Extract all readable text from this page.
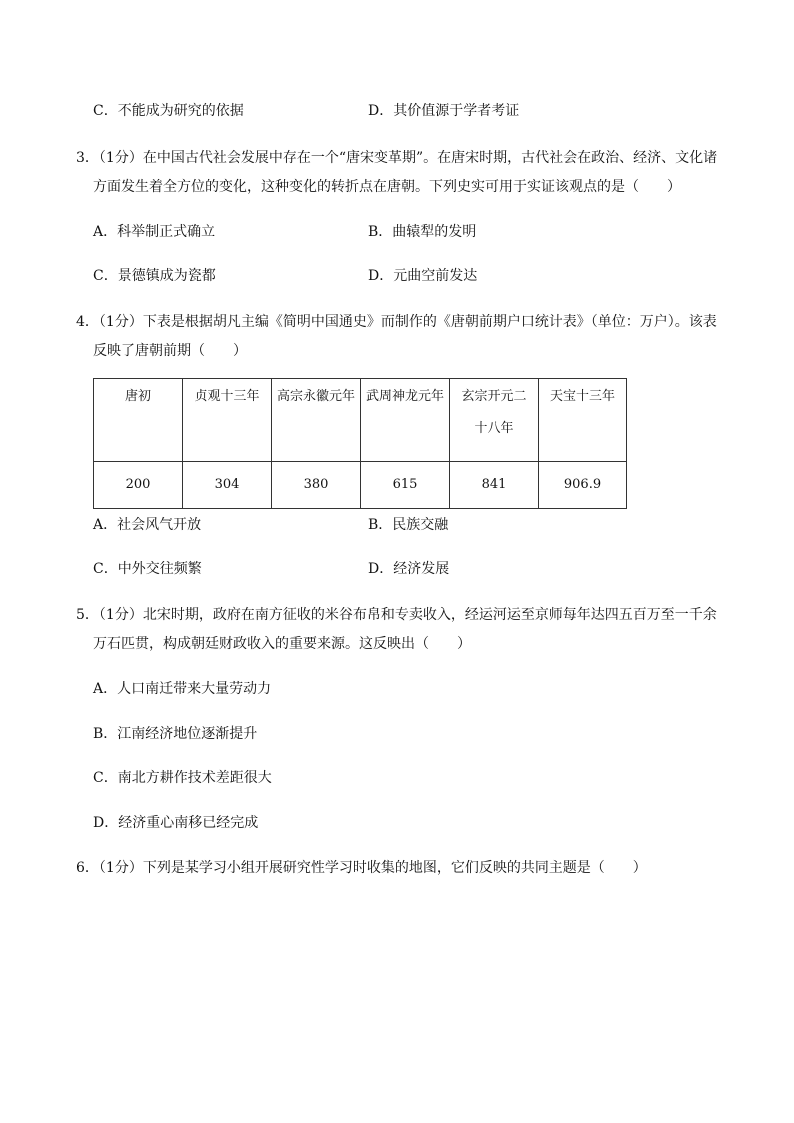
C．不能成为研究的依据	D．其价值源于学者考证
3．（1分）在中国古代社会发展中存在一个“唐宋变革期”。在唐宋时期，古代社会在政治、经济、文化诸
方面发生着全方位的变化，这种变化的转折点在唐朝。下列史实可用于实证该观点的是（　　）
A．科举制正式确立	B．曲辕犁的发明
C．景德镇成为瓷都	D．元曲空前发达
4．（1分）下表是根据胡凡主编《简明中国通史》而制作的《唐朝前期户口统计表》（单位：万户）。该表
反映了唐朝前期（　　）
唐初	贞观十三年	高宗永徽元年	武周神龙元年	玄宗开元二十八年	天宝十三年
200	304	380	615	841	906.9
A．社会风气开放	B．民族交融
C．中外交往频繁	D．经济发展
5．（1分）北宋时期，政府在南方征收的米谷布帛和专卖收入，经运河运至京师每年达四五百万至一千余
万石匹贯，构成朝廷财政收入的重要来源。这反映出（　　）
A．人口南迁带来大量劳动力
B．江南经济地位逐渐提升
C．南北方耕作技术差距很大
D．经济重心南移已经完成
6．（1分）下列是某学习小组开展研究性学习时收集的地图，它们反映的共同主题是（　　）
